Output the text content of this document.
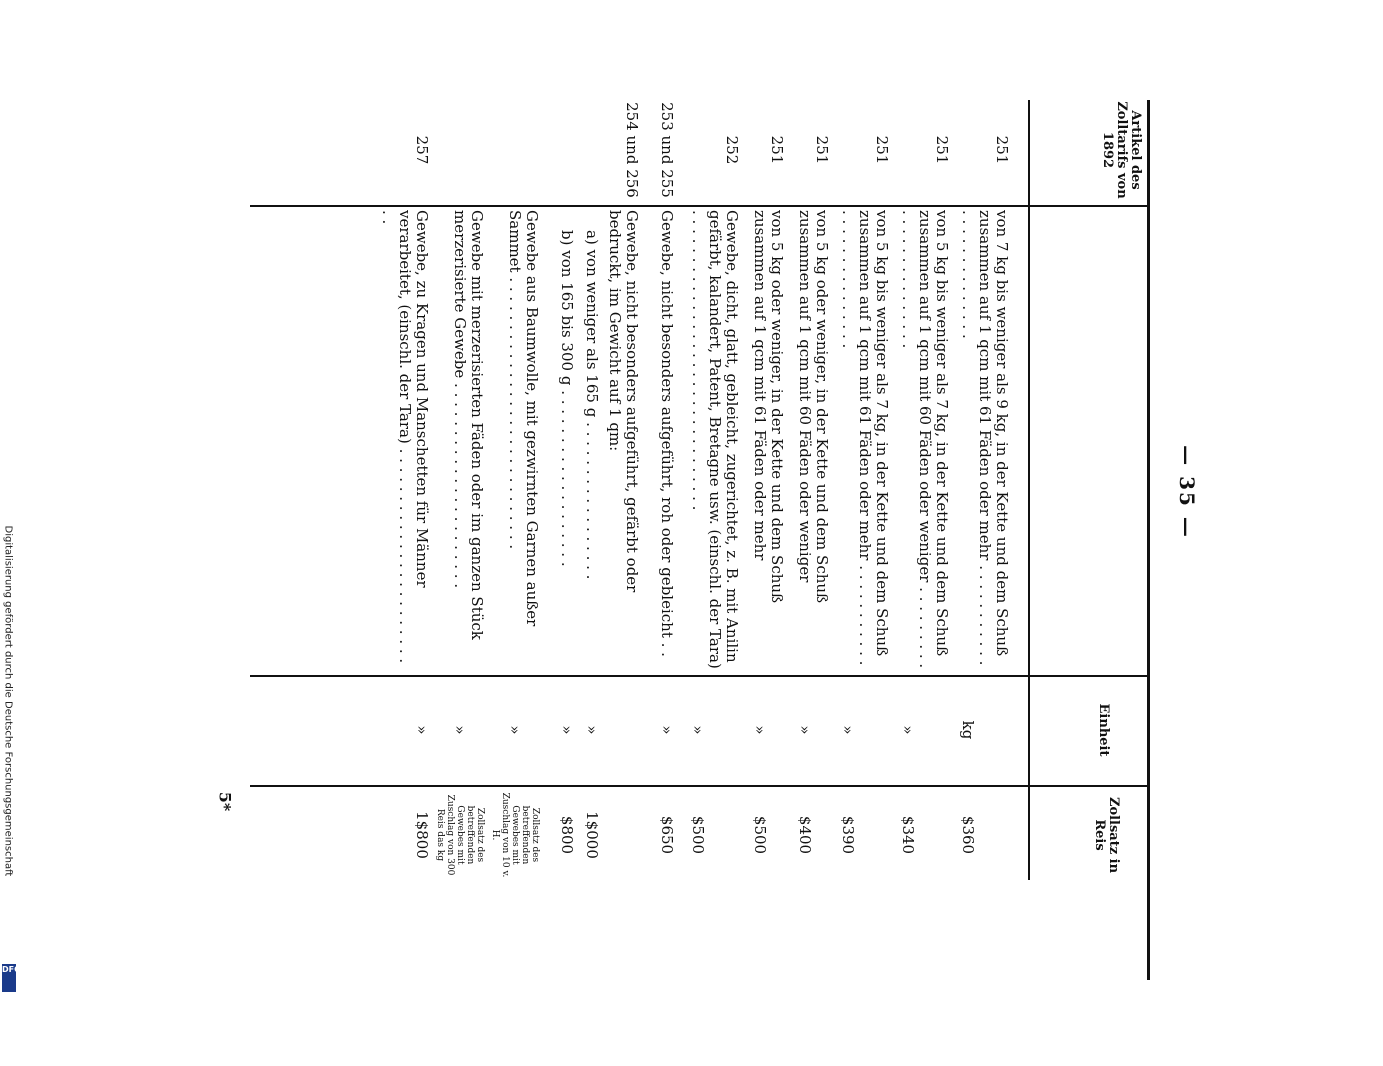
— 35 —
Artikel des Zolltarifs von 1892
Einheit
Zollsatz in Reis
251
von 7 kg bis weniger als 9 kg, in der Kette und dem Schuß zusammen auf 1 qcm mit 61 Fäden oder mehr . . . . . . . . . . . . . . . . . . . . . . . . .
kg
$360
251
von 5 kg bis weniger als 7 kg, in der Kette und dem Schuß zusammen auf 1 qcm mit 60 Fäden oder weniger . . . . . . . . . . . . . . . . . . . . . . . .
»
$340
251
von 5 kg bis weniger als 7 kg, in der Kette und dem Schuß zusammen auf 1 qcm mit 61 Fäden oder mehr . . . . . . . . . . . . . . . . . . . . . . . . . .
»
$390
251
von 5 kg oder weniger, in der Kette und dem Schuß zusammen auf 1 qcm mit 60 Fäden oder weniger
»
$400
251
von 5 kg oder weniger, in der Kette und dem Schuß zusammen auf 1 qcm mit 61 Fäden oder mehr
»
$500
252
Gewebe, dicht, glatt, gebleicht, zugerichtet, z. B. mit Anilin gefärbt, kalandert, Patent, Bretagne usw. (einschl. der Tara) . . . . . . . . . . . . . . . . . . . . . . . . . . . . . . . .
»
$500
253 und 255
Gewebe, nicht besonders aufgeführt, roh oder gebleicht . .
»
$650
254 und 256
Gewebe, nicht besonders aufgeführt, gefärbt oder bedruckt, im Gewicht auf 1 qm:
a) von weniger als 165 g . . . . . . . . . . . . . . . . .
»
1$000
b) von 165 bis 300 g . . . . . . . . . . . . . . . . . . .
»
$800
Gewebe aus Baumwolle, mit gezwirnten Garnen außer Sammet . . . . . . . . . . . . . . . . . . . . . . . . . . . . .
»
Zollsatz des betreffenden Gewebes mit Zuschlag von 10 v. H.
Gewebe mit merzerisierten Fäden oder im ganzen Stück merzerisierte Gewebe . . . . . . . . . . . . . . . . . . . . . .
»
Zollsatz des betreffenden Gewebes mit Zuschlag von 300 Reis das kg
257
Gewebe, zu Kragen und Manschetten für Männer verarbeitet, (einschl. der Tara) . . . . . . . . . . . . . . . . . . . . . . . . .
»
1$800
5*
Digitalisierung gefördert durch die Deutsche Forschungsgemeinschaft
DFG
